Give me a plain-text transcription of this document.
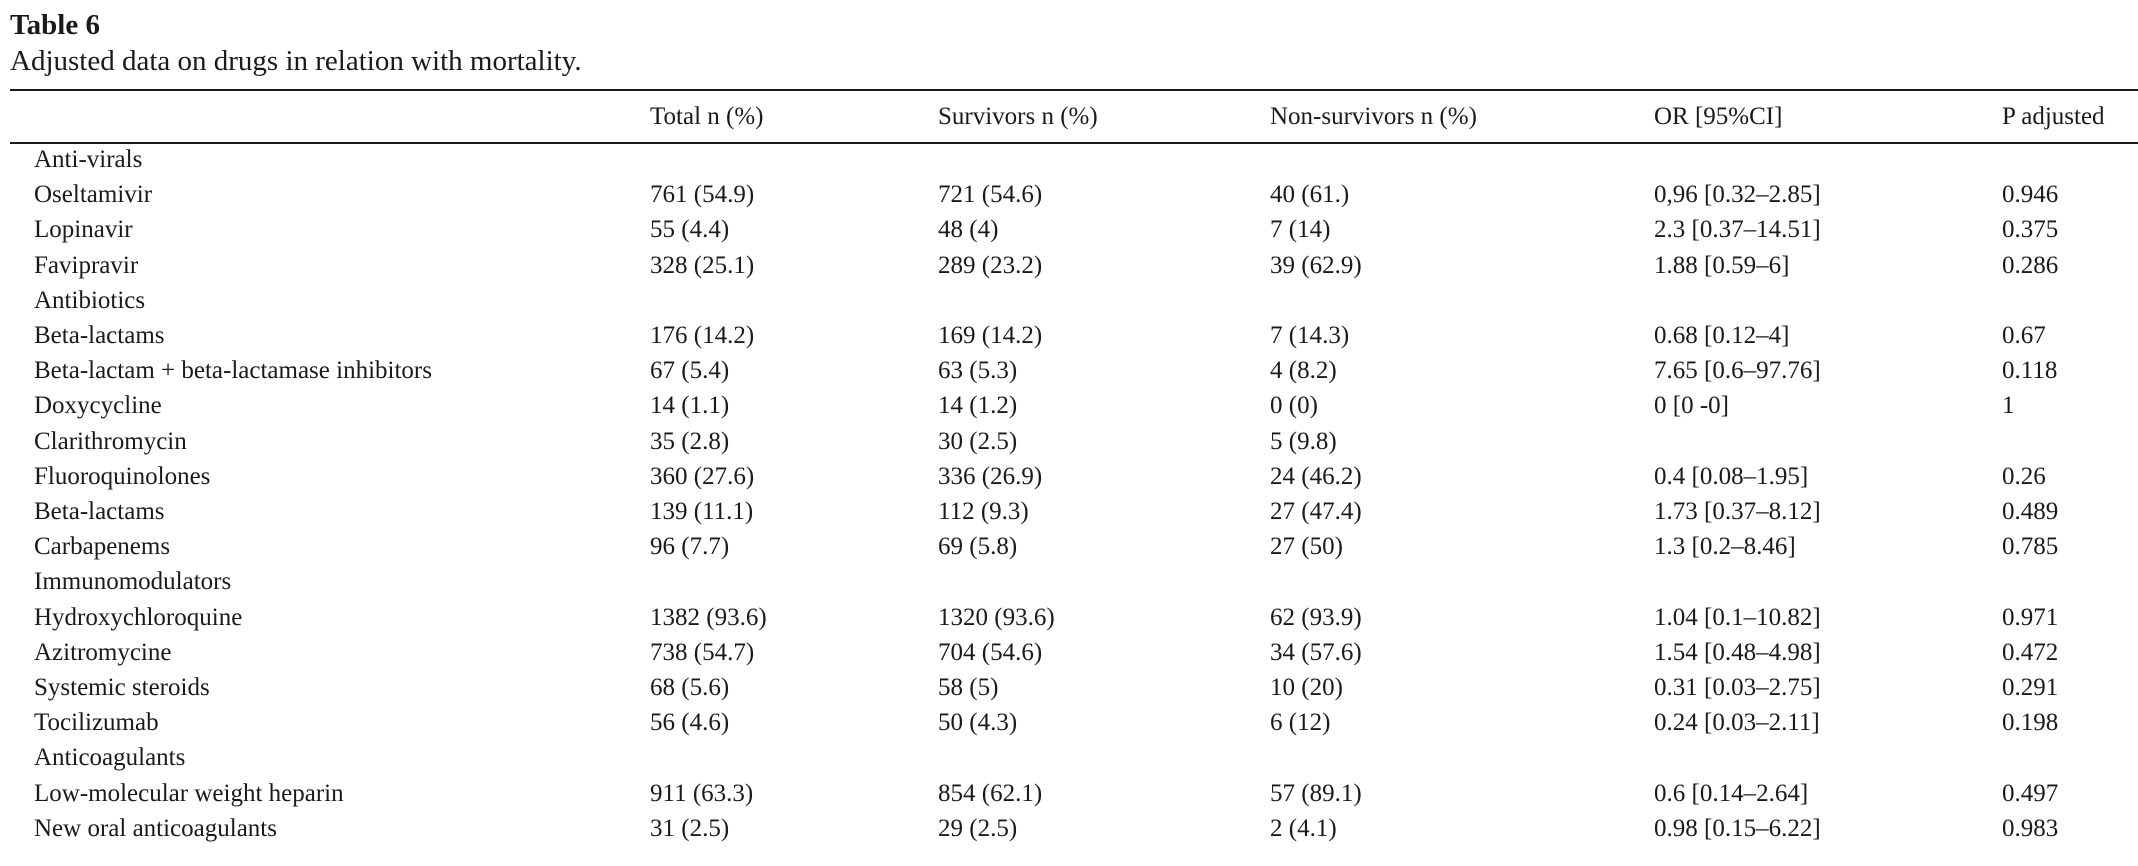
Table 6
Adjusted data on drugs in relation with mortality.
	Total n (%)	Survivors n (%)	Non-survivors n (%)	OR [95%CI]	P adjusted
Anti-virals					
Oseltamivir	761 (54.9)	721 (54.6)	40 (61.)	0,96 [0.32–2.85]	0.946
Lopinavir	55 (4.4)	48 (4)	7 (14)	2.3 [0.37–14.51]	0.375
Favipravir	328 (25.1)	289 (23.2)	39 (62.9)	1.88 [0.59–6]	0.286
Antibiotics					
Beta-lactams	176 (14.2)	169 (14.2)	7 (14.3)	0.68 [0.12–4]	0.67
Beta-lactam + beta-lactamase inhibitors	67 (5.4)	63 (5.3)	4 (8.2)	7.65 [0.6–97.76]	0.118
Doxycycline	14 (1.1)	14 (1.2)	0 (0)	0 [0 -0]	1
Clarithromycin	35 (2.8)	30 (2.5)	5 (9.8)		
Fluoroquinolones	360 (27.6)	336 (26.9)	24 (46.2)	0.4 [0.08–1.95]	0.26
Beta-lactams	139 (11.1)	112 (9.3)	27 (47.4)	1.73 [0.37–8.12]	0.489
Carbapenems	96 (7.7)	69 (5.8)	27 (50)	1.3 [0.2–8.46]	0.785
Immunomodulators					
Hydroxychloroquine	1382 (93.6)	1320 (93.6)	62 (93.9)	1.04 [0.1–10.82]	0.971
Azitromycine	738 (54.7)	704 (54.6)	34 (57.6)	1.54 [0.48–4.98]	0.472
Systemic steroids	68 (5.6)	58 (5)	10 (20)	0.31 [0.03–2.75]	0.291
Tocilizumab	56 (4.6)	50 (4.3)	6 (12)	0.24 [0.03–2.11]	0.198
Anticoagulants					
Low-molecular weight heparin	911 (63.3)	854 (62.1)	57 (89.1)	0.6 [0.14–2.64]	0.497
New oral anticoagulants	31 (2.5)	29 (2.5)	2 (4.1)	0.98 [0.15–6.22]	0.983
